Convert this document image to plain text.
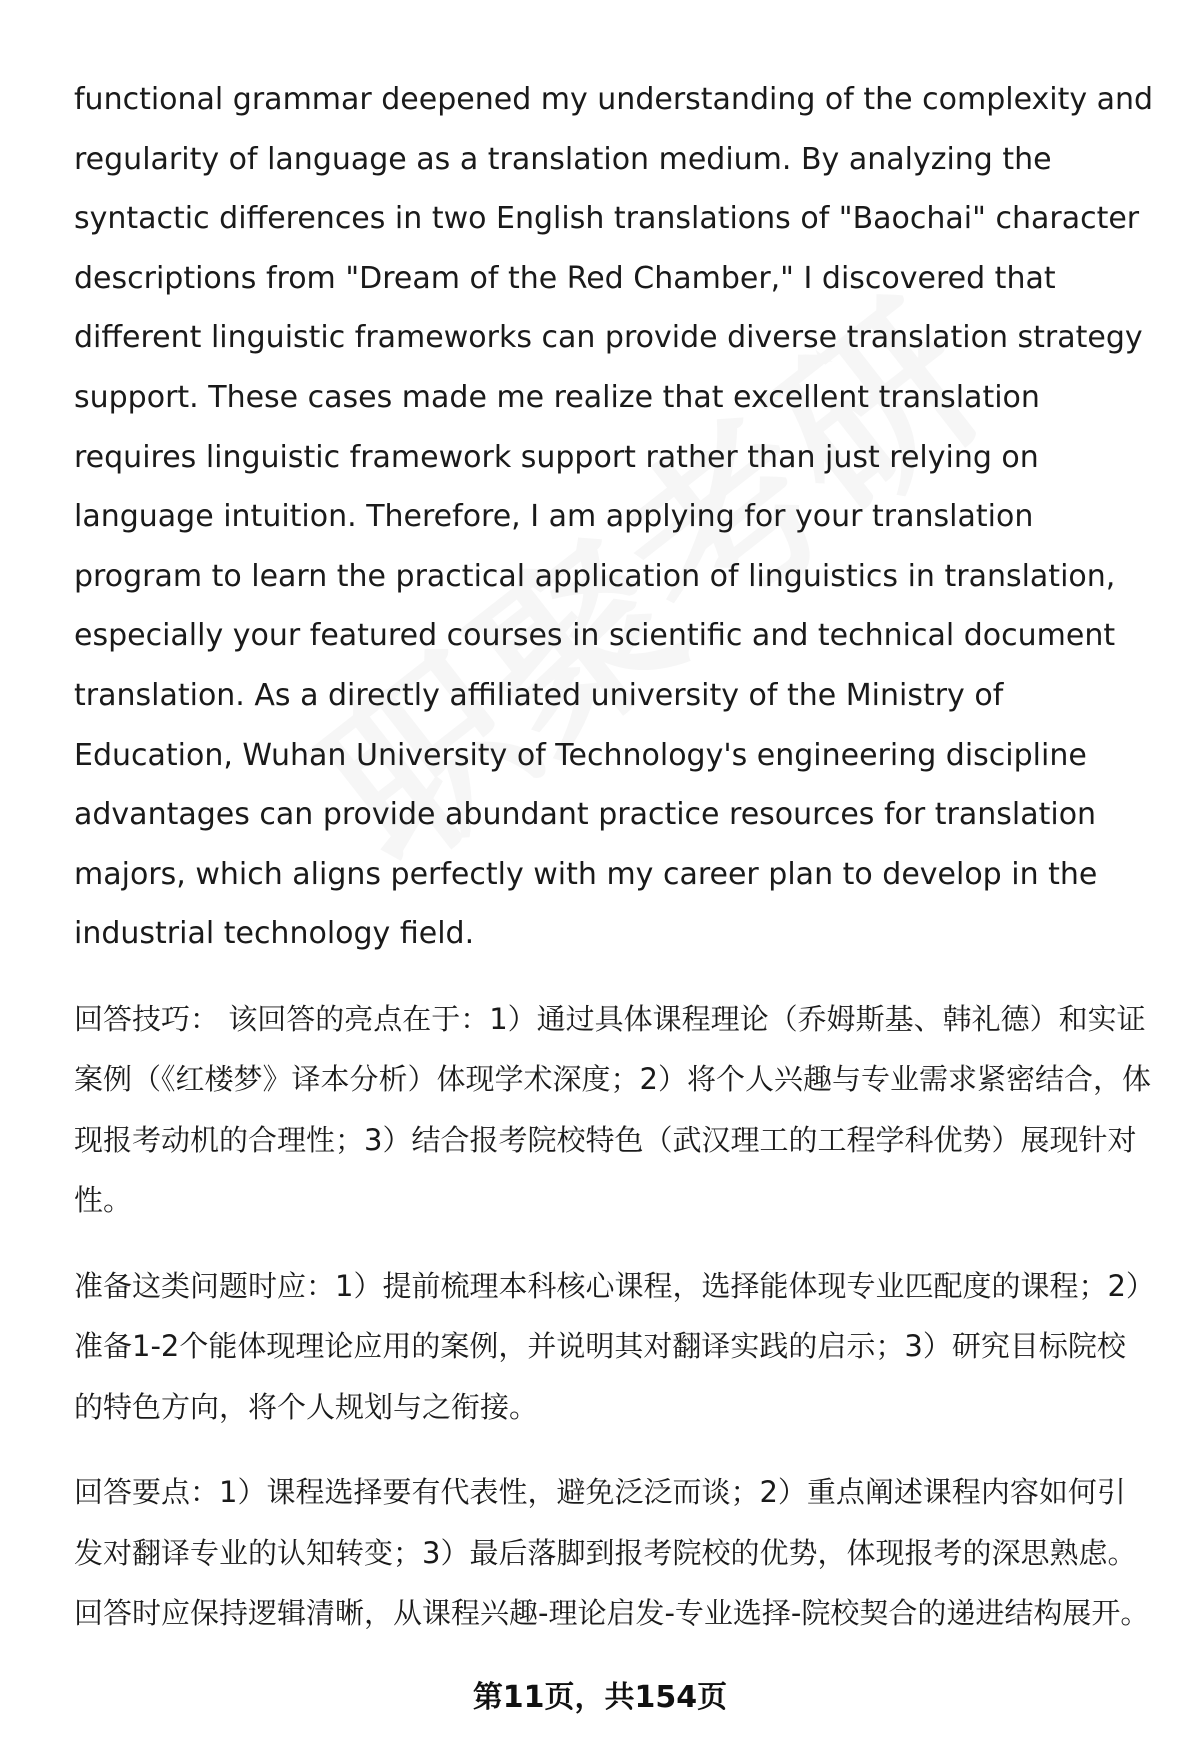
functional grammar deepened my understanding of the complexity and regularity of language as a translation medium. By analyzing the syntactic differences in two English translations of "Baochai" character descriptions from "Dream of the Red Chamber," I discovered that different linguistic frameworks can provide diverse translation strategy support. These cases made me realize that excellent translation requires linguistic framework support rather than just relying on language intuition. Therefore, I am applying for your translation program to learn the practical application of linguistics in translation, especially your featured courses in scientific and technical document translation. As a directly affiliated university of the Ministry of Education, Wuhan University of Technology's engineering discipline advantages can provide abundant practice resources for translation majors, which aligns perfectly with my career plan to develop in the industrial technology field.

回答技巧： 该回答的亮点在于：1）通过具体课程理论（乔姆斯基、韩礼德）和实证案例（《红楼梦》译本分析）体现学术深度；2）将个人兴趣与专业需求紧密结合，体现报考动机的合理性；3）结合报考院校特色（武汉理工的工程学科优势）展现针对性。

准备这类问题时应：1）提前梳理本科核心课程，选择能体现专业匹配度的课程；2）准备1-2个能体现理论应用的案例，并说明其对翻译实践的启示；3）研究目标院校的特色方向，将个人规划与之衔接。

回答要点：1）课程选择要有代表性，避免泛泛而谈；2）重点阐述课程内容如何引发对翻译专业的认知转变；3）最后落脚到报考院校的优势，体现报考的深思熟虑。回答时应保持逻辑清晰，从课程兴趣-理论启发-专业选择-院校契合的递进结构展开。

第11页，共154页
